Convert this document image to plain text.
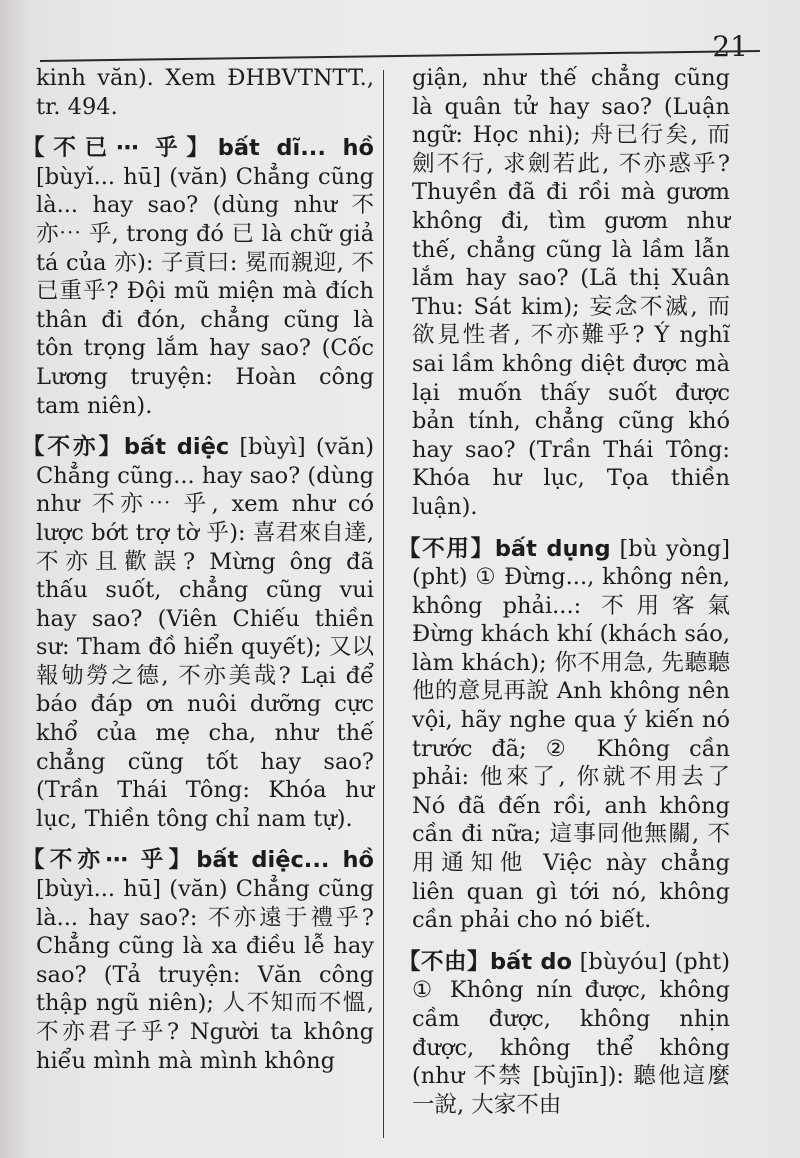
21

kinh văn). Xem ĐHBVTNTT., tr. 494.

【不已⋯ 乎】bất dĩ... hồ [bùyǐ... hū] (văn) Chẳng cũng là... hay sao? (dùng như 不亦⋯ 乎, trong đó 已 là chữ giả tá của 亦): 子貢曰: 冕而親迎, 不已重乎? Đội mũ miện mà đích thân đi đón, chẳng cũng là tôn trọng lắm hay sao? (Cốc Lương truyện: Hoàn công tam niên).

【不亦】bất diệc [bùyì] (văn) Chẳng cũng... hay sao? (dùng như 不亦⋯ 乎, xem như có lược bớt trợ tờ 乎): 喜君來自達, 不亦且歡誤? Mừng ông đã thấu suốt, chẳng cũng vui hay sao? (Viên Chiếu thiền sư: Tham đồ hiển quyết); 又以報劬勞之德, 不亦美哉? Lại để báo đáp ơn nuôi dưỡng cực khổ của mẹ cha, như thế chẳng cũng tốt hay sao? (Trần Thái Tông: Khóa hư lục, Thiền tông chỉ nam tự).

【不亦⋯ 乎】bất diệc... hồ [bùyì... hū] (văn) Chẳng cũng là... hay sao?: 不亦遠于禮乎? Chẳng cũng là xa điều lễ hay sao? (Tả truyện: Văn công thập ngũ niên); 人不知而不慍, 不亦君子乎? Người ta không hiểu mình mà mình không

giận, như thế chẳng cũng là quân tử hay sao? (Luận ngữ: Học nhi); 舟已行矣, 而劍不行, 求劍若此, 不亦惑乎? Thuyền đã đi rồi mà gươm không đi, tìm gươm như thế, chẳng cũng là lầm lẫn lắm hay sao? (Lã thị Xuân Thu: Sát kim); 妄念不滅, 而欲見性者, 不亦難乎? Ý nghĩ sai lầm không diệt được mà lại muốn thấy suốt được bản tính, chẳng cũng khó hay sao? (Trần Thái Tông: Khóa hư lục, Tọa thiền luận).

【不用】bất dụng [bù yòng] (pht) ① Đừng..., không nên, không phải...: 不用客氣 Đừng khách khí (khách sáo, làm khách); 你不用急, 先聽聽他的意見再說 Anh không nên vội, hãy nghe qua ý kiến nó trước đã; ② Không cần phải: 他來了, 你就不用去了 Nó đã đến rồi, anh không cần đi nữa; 這事同他無關, 不用通知他 Việc này chẳng liên quan gì tới nó, không cần phải cho nó biết.

【不由】bất do [bùyóu] (pht) ① Không nín được, không cầm được, không nhịn được, không thể không (như 不禁 [bùjīn]): 聽他這麼一說, 大家不由
